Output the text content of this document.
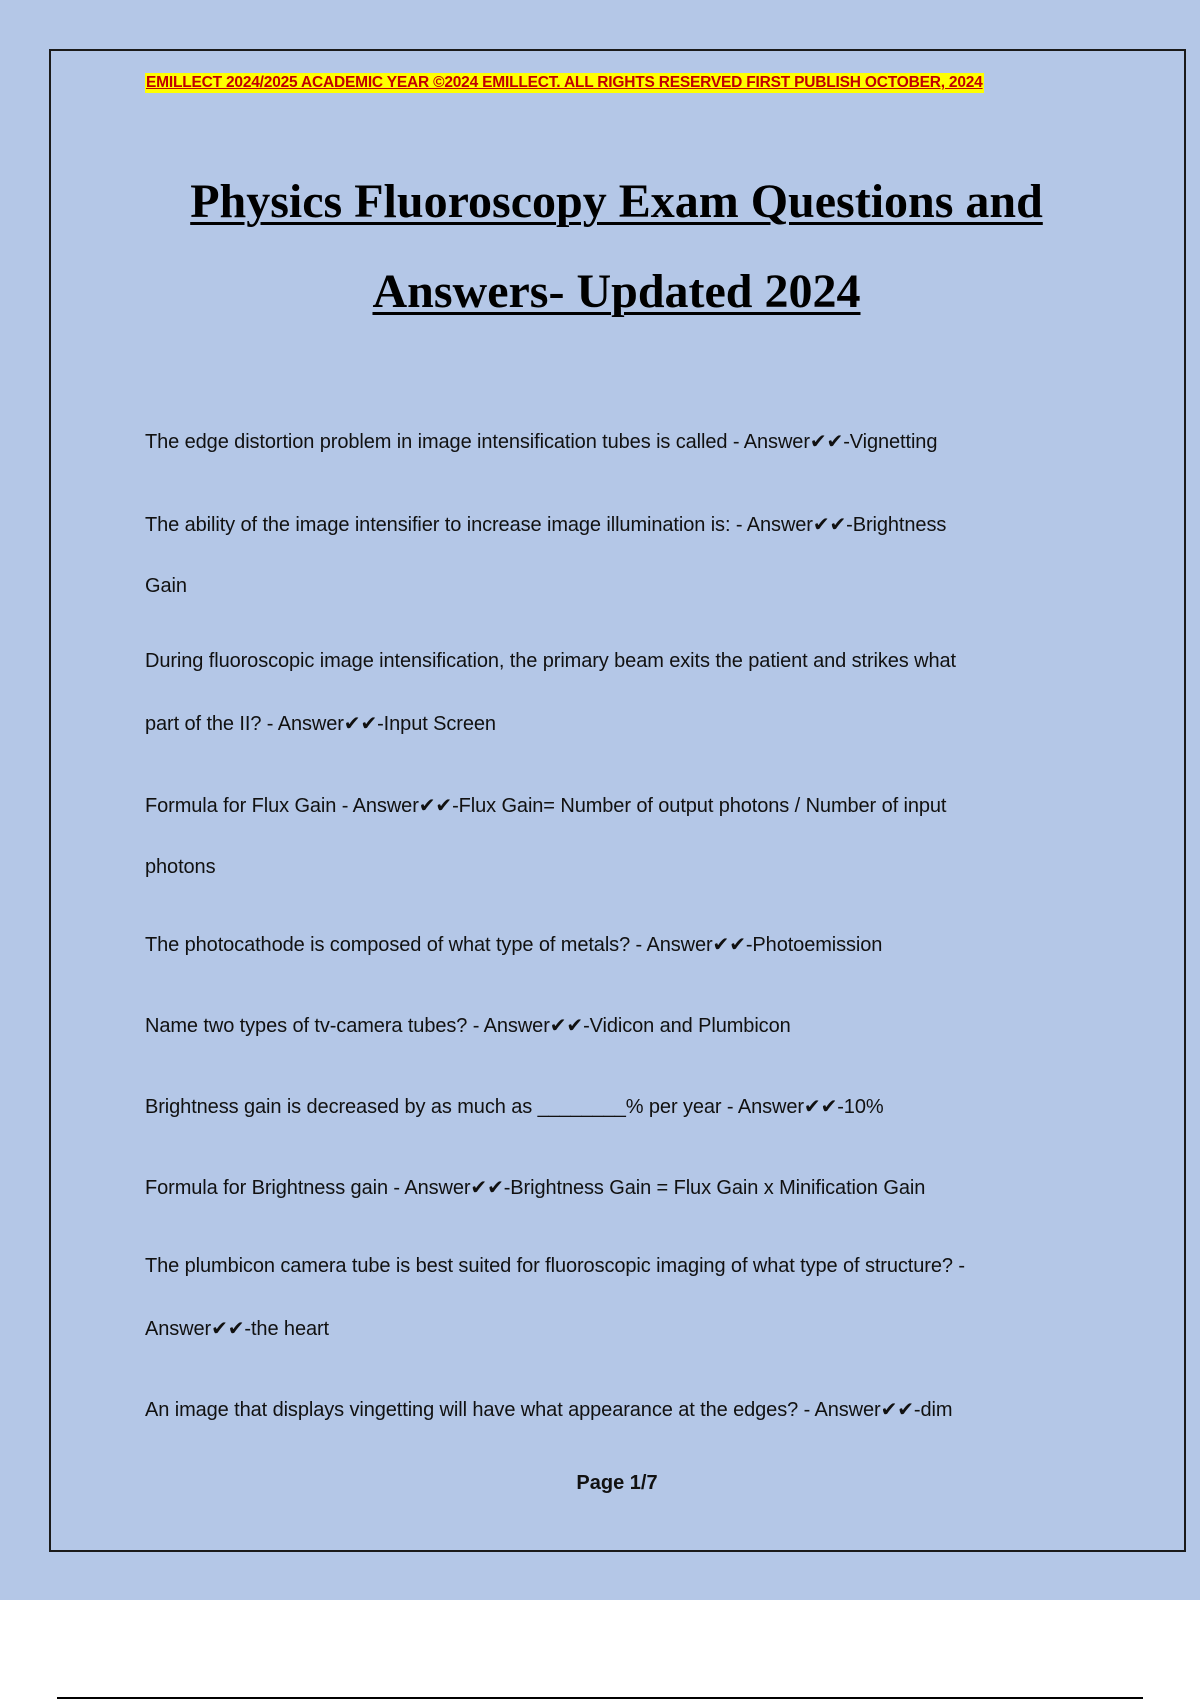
EMILLECT 2024/2025 ACADEMIC YEAR ©2024 EMILLECT. ALL RIGHTS RESERVED FIRST PUBLISH OCTOBER, 2024
Physics Fluoroscopy Exam Questions and
Answers- Updated 2024
The edge distortion problem in image intensification tubes is called - Answer✔✔-Vignetting
The ability of the image intensifier to increase image illumination is: - Answer✔✔-Brightness
Gain
During fluoroscopic image intensification, the primary beam exits the patient and strikes what
part of the II? - Answer✔✔-Input Screen
Formula for Flux Gain - Answer✔✔-Flux Gain= Number of output photons / Number of input
photons
The photocathode is composed of what type of metals? - Answer✔✔-Photoemission
Name two types of tv-camera tubes? - Answer✔✔-Vidicon and Plumbicon
Brightness gain is decreased by as much as ________% per year - Answer✔✔-10%
Formula for Brightness gain - Answer✔✔-Brightness Gain = Flux Gain x Minification Gain
The plumbicon camera tube is best suited for fluoroscopic imaging of what type of structure? -
Answer✔✔-the heart
An image that displays vingetting will have what appearance at the edges? - Answer✔✔-dim
Page 1/7
